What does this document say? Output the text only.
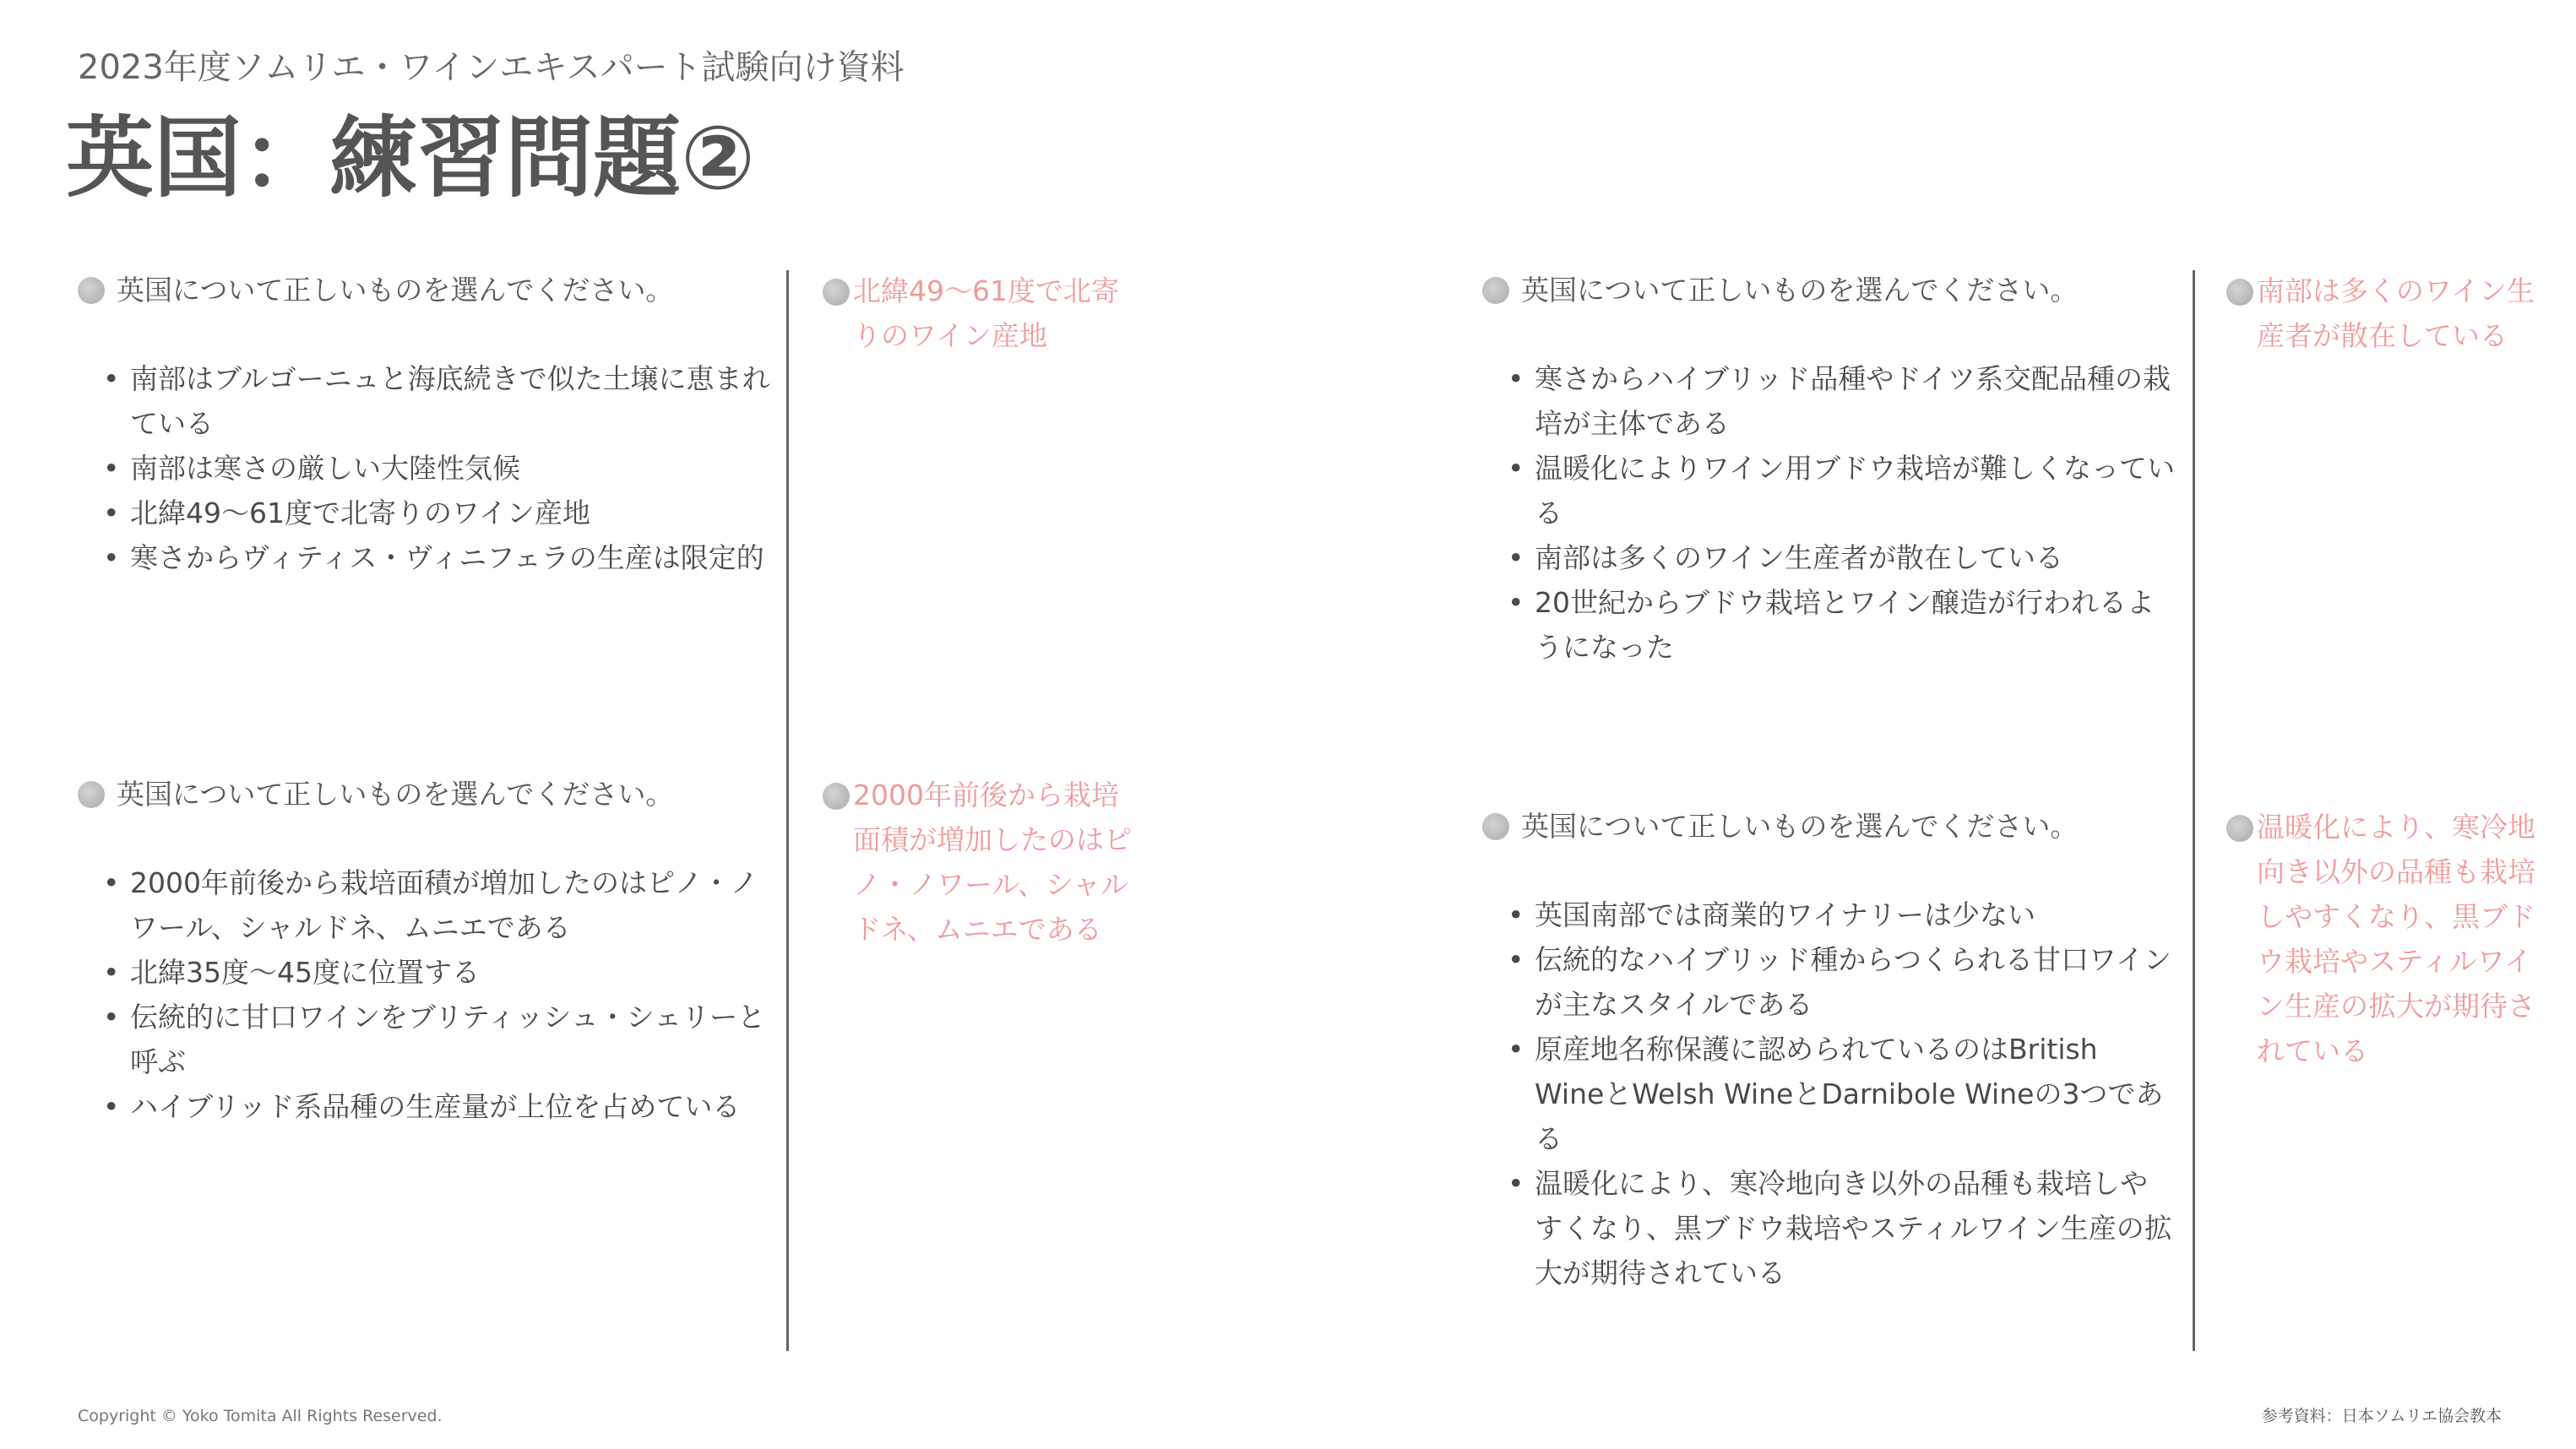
2023年度ソムリエ・ワインエキスパート試験向け資料
英国：練習問題②
英国について正しいものを選んでください。
• 南部はブルゴーニュと海底続きで似た土壌に恵まれている
• 南部は寒さの厳しい大陸性気候
• 北緯49〜61度で北寄りのワイン産地
• 寒さからヴィティス・ヴィニフェラの生産は限定的
北緯49〜61度で北寄りのワイン産地
英国について正しいものを選んでください。
• 2000年前後から栽培面積が増加したのはピノ・ノワール、シャルドネ、ムニエである
• 北緯35度〜45度に位置する
• 伝統的に甘口ワインをブリティッシュ・シェリーと呼ぶ
• ハイブリッド系品種の生産量が上位を占めている
2000年前後から栽培面積が増加したのはピノ・ノワール、シャルドネ、ムニエである
英国について正しいものを選んでください。
• 寒さからハイブリッド品種やドイツ系交配品種の栽培が主体である
• 温暖化によりワイン用ブドウ栽培が難しくなっている
• 南部は多くのワイン生産者が散在している
• 20世紀からブドウ栽培とワイン醸造が行われるようになった
南部は多くのワイン生産者が散在している
英国について正しいものを選んでください。
• 英国南部では商業的ワイナリーは少ない
• 伝統的なハイブリッド種からつくられる甘口ワインが主なスタイルである
• 原産地名称保護に認められているのはBritish WineとWelsh WineとDarnibole Wineの3つである
• 温暖化により、寒冷地向き以外の品種も栽培しやすくなり、黒ブドウ栽培やスティルワイン生産の拡大が期待されている
温暖化により、寒冷地向き以外の品種も栽培しやすくなり、黒ブドウ栽培やスティルワイン生産の拡大が期待されている
Copyright © Yoko Tomita All Rights Reserved.	参考資料：日本ソムリエ協会教本
